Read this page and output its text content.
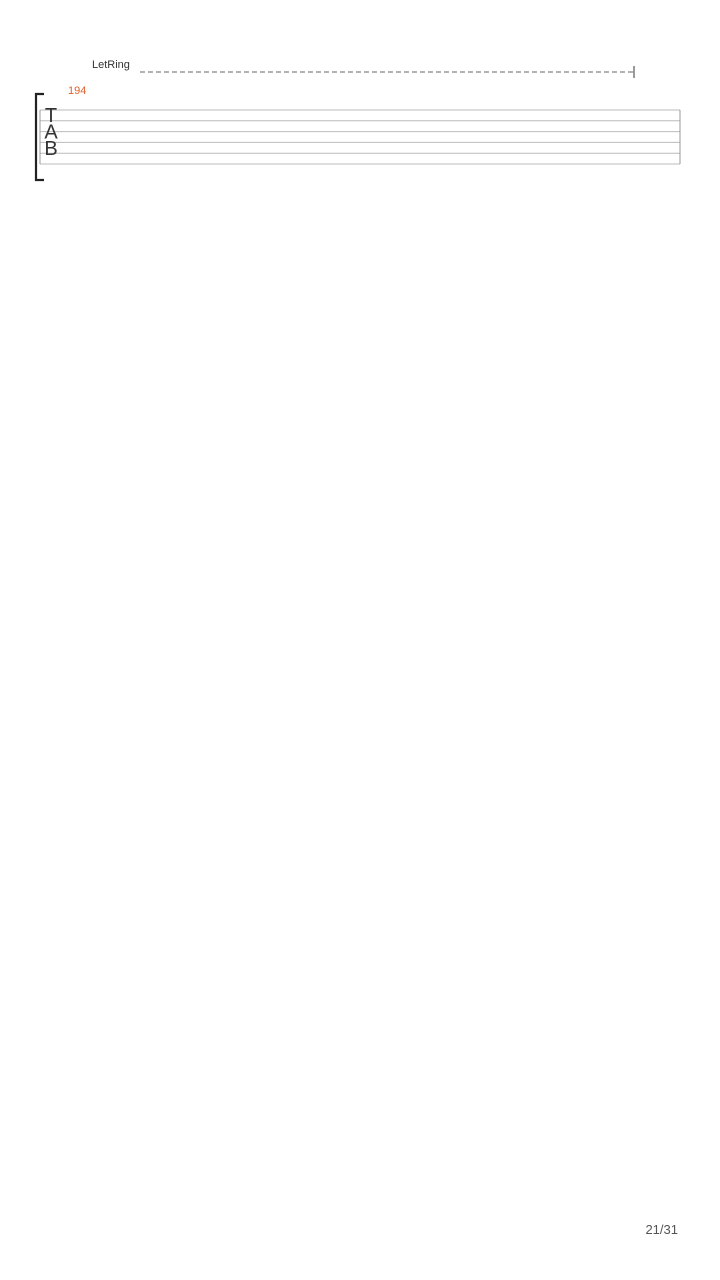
LetRing
194
T
A
B
21/31
